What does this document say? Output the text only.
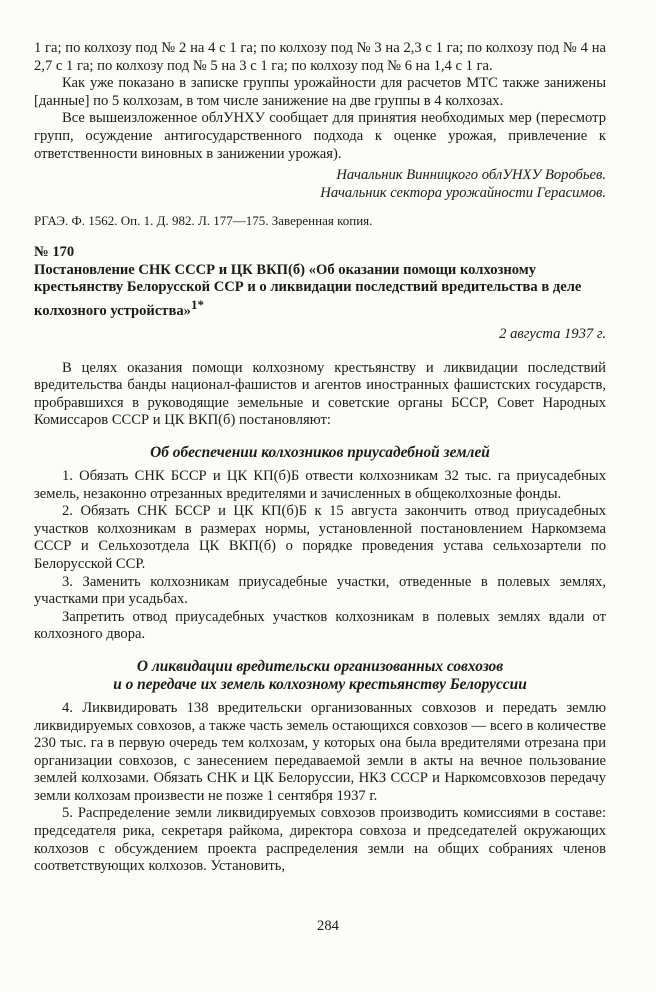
1 га; по колхозу под № 2 на 4 с 1 га; по колхозу под № 3 на 2,3 с 1 га; по колхозу под № 4 на 2,7 с 1 га; по колхозу под № 5 на 3 с 1 га; по колхозу под № 6 на 1,4 с 1 га.

Как уже показано в записке группы урожайности для расчетов МТС также занижены [данные] по 5 колхозам, в том числе занижение на две группы в 4 колхозах.

Все вышеизложенное облУНХУ сообщает для принятия необходимых мер (пересмотр групп, осуждение антигосударственного подхода к оценке урожая, привлечение к ответственности виновных в занижении урожая).

Начальник Винницкого облУНХУ Воробьев.

Начальник сектора урожайности Герасимов.

РГАЭ. Ф. 1562. Оп. 1. Д. 982. Л. 177—175. Заверенная копия.

№ 170

Постановление СНК СССР и ЦК ВКП(б) «Об оказании помощи колхозному крестьянству Белорусской ССР и о ликвидации последствий вредительства в деле колхозного устройства»$^{1*}$

2 августа 1937 г.

В целях оказания помощи колхозному крестьянству и ликвидации последствий вредительства банды национал-фашистов и агентов иностранных фашистских государств, пробравшихся в руководящие земельные и советские органы БССР, Совет Народных Комиссаров СССР и ЦК ВКП(б) постановляют:

Об обеспечении колхозников приусадебной землей

1. Обязать СНК БССР и ЦК КП(б)Б отвести колхозникам 32 тыс. га приусадебных земель, незаконно отрезанных вредителями и зачисленных в общеколхозные фонды.

2. Обязать СНК БССР и ЦК КП(б)Б к 15 августа закончить отвод приусадебных участков колхозникам в размерах нормы, установленной постановлением Наркомзема СССР и Сельхозотдела ЦК ВКП(б) о порядке проведения устава сельхозартели по Белорусской ССР.

3. Заменить колхозникам приусадебные участки, отведенные в полевых землях, участками при усадьбах.

Запретить отвод приусадебных участков колхозникам в полевых землях вдали от колхозного двора.

О ликвидации вредительски организованных совхозов
и о передаче их земель колхозному крестьянству Белоруссии

4. Ликвидировать 138 вредительски организованных совхозов и передать землю ликвидируемых совхозов, а также часть земель остающихся совхозов — всего в количестве 230 тыс. га в первую очередь тем колхозам, у которых она была вредителями отрезана при организации совхозов, с занесением передаваемой земли в акты на вечное пользование землей колхозами. Обязать СНК и ЦК Белоруссии, НКЗ СССР и Наркомсовхозов передачу земли колхозам произвести не позже 1 сентября 1937 г.

5. Распределение земли ликвидируемых совхозов производить комиссиями в составе: председателя рика, секретаря райкома, директора совхоза и председателей окружающих колхозов с обсуждением проекта распределения земли на общих собраниях членов соответствующих колхозов. Установить,

284
